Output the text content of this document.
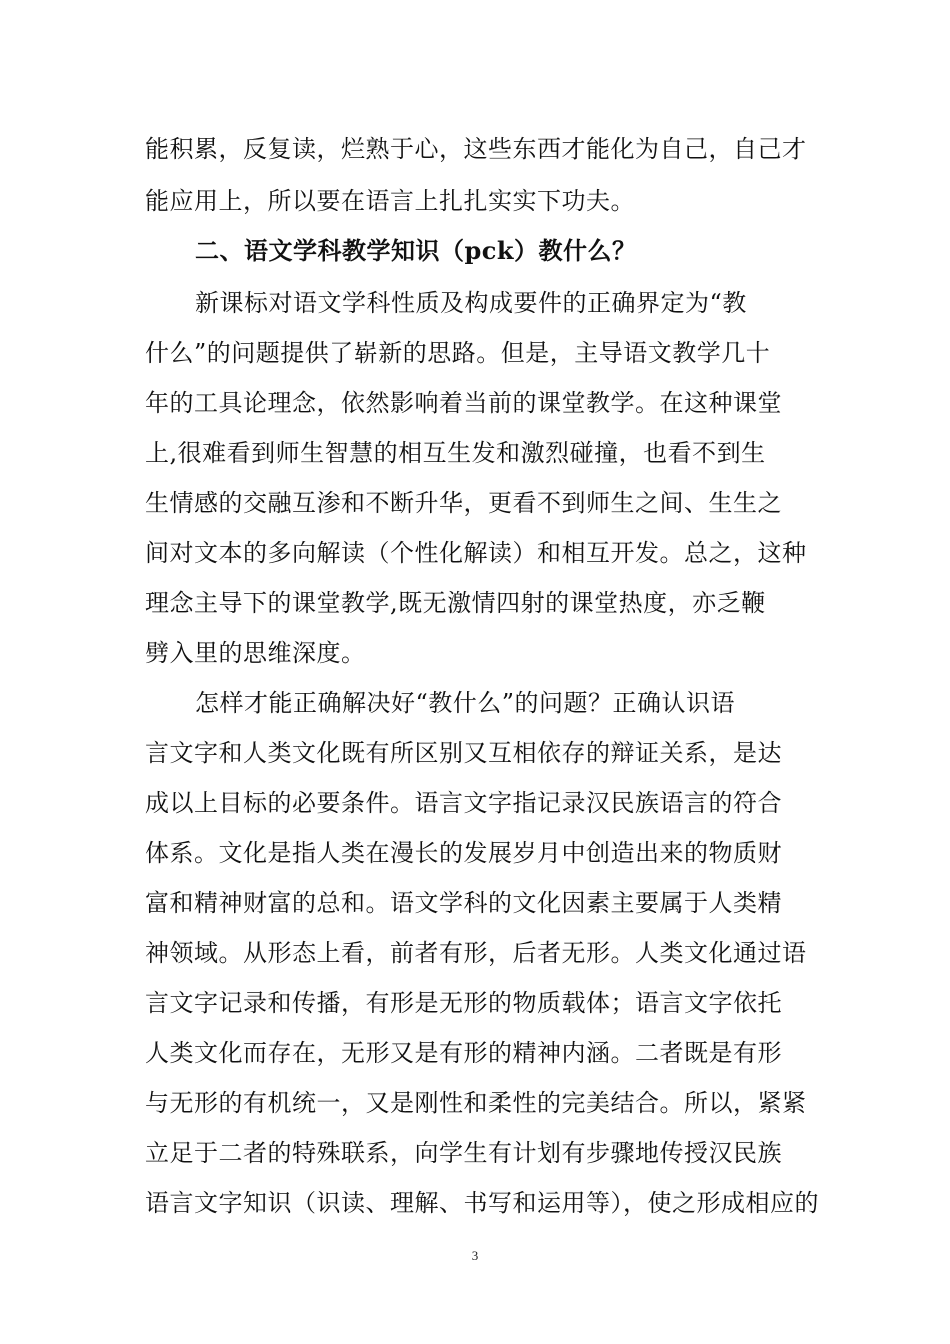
能积累，反复读，烂熟于心，这些东西才能化为自己，自己才
能应用上，所以要在语言上扎扎实实下功夫。
二、语文学科教学知识（pck）教什么？
新课标对语文学科性质及构成要件的正确界定为“教
什么”的问题提供了崭新的思路。但是，主导语文教学几十
年的工具论理念，依然影响着当前的课堂教学。在这种课堂
上,很难看到师生智慧的相互生发和激烈碰撞，也看不到生
生情感的交融互渗和不断升华，更看不到师生之间、生生之
间对文本的多向解读（个性化解读）和相互开发。总之，这种
理念主导下的课堂教学,既无激情四射的课堂热度，亦乏鞭
劈入里的思维深度。
怎样才能正确解决好“教什么”的问题？正确认识语
言文字和人类文化既有所区别又互相依存的辩证关系，是达
成以上目标的必要条件。语言文字指记录汉民族语言的符合
体系。文化是指人类在漫长的发展岁月中创造出来的物质财
富和精神财富的总和。语文学科的文化因素主要属于人类精
神领域。从形态上看，前者有形，后者无形。人类文化通过语
言文字记录和传播，有形是无形的物质载体；语言文字依托
人类文化而存在，无形又是有形的精神内涵。二者既是有形
与无形的有机统一，又是刚性和柔性的完美结合。所以，紧紧
立足于二者的特殊联系，向学生有计划有步骤地传授汉民族
语言文字知识（识读、理解、书写和运用等），使之形成相应的
3
